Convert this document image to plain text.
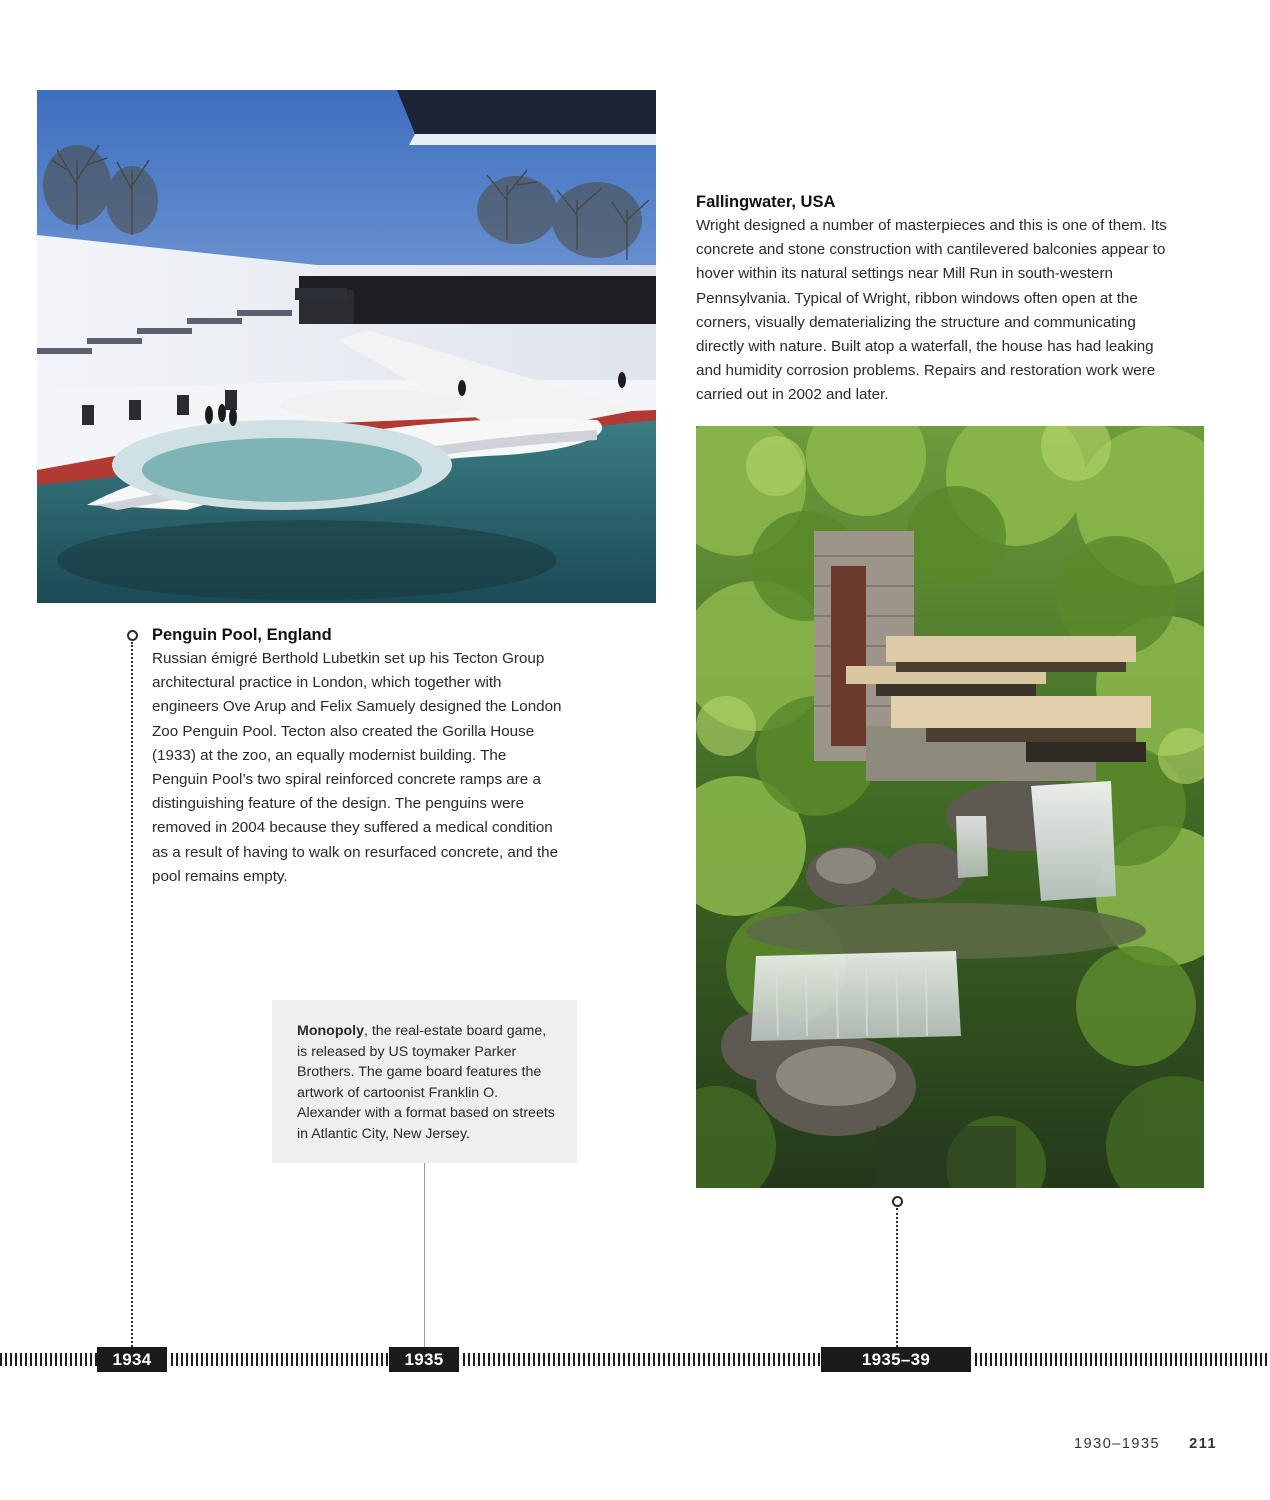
Penguin Pool, England

Russian émigré Berthold Lubetkin set up his Tecton Group architectural practice in London, which together with engineers Ove Arup and Felix Samuely designed the London Zoo Penguin Pool. Tecton also created the Gorilla House (1933) at the zoo, an equally modernist building. The Penguin Pool’s two spiral reinforced concrete ramps are a distinguishing feature of the design. The penguins were removed in 2004 because they suffered a medical condition as a result of having to walk on resurfaced concrete, and the pool remains empty.

Fallingwater, USA

Wright designed a number of masterpieces and this is one of them. Its concrete and stone construction with cantilevered balconies appear to hover within its natural settings near Mill Run in south-western Pennsylvania. Typical of Wright, ribbon windows often open at the corners, visually dematerializing the structure and communicating directly with nature. Built atop a waterfall, the house has had leaking and humidity corrosion problems. Repairs and restoration work were carried out in 2002 and later.

Monopoly, the real-estate board game, is released by US toymaker Parker Brothers. The game board features the artwork of cartoonist Franklin O. Alexander with a format based on streets in Atlantic City, New Jersey.

1934	1935	1935–39
1930–1935 211
